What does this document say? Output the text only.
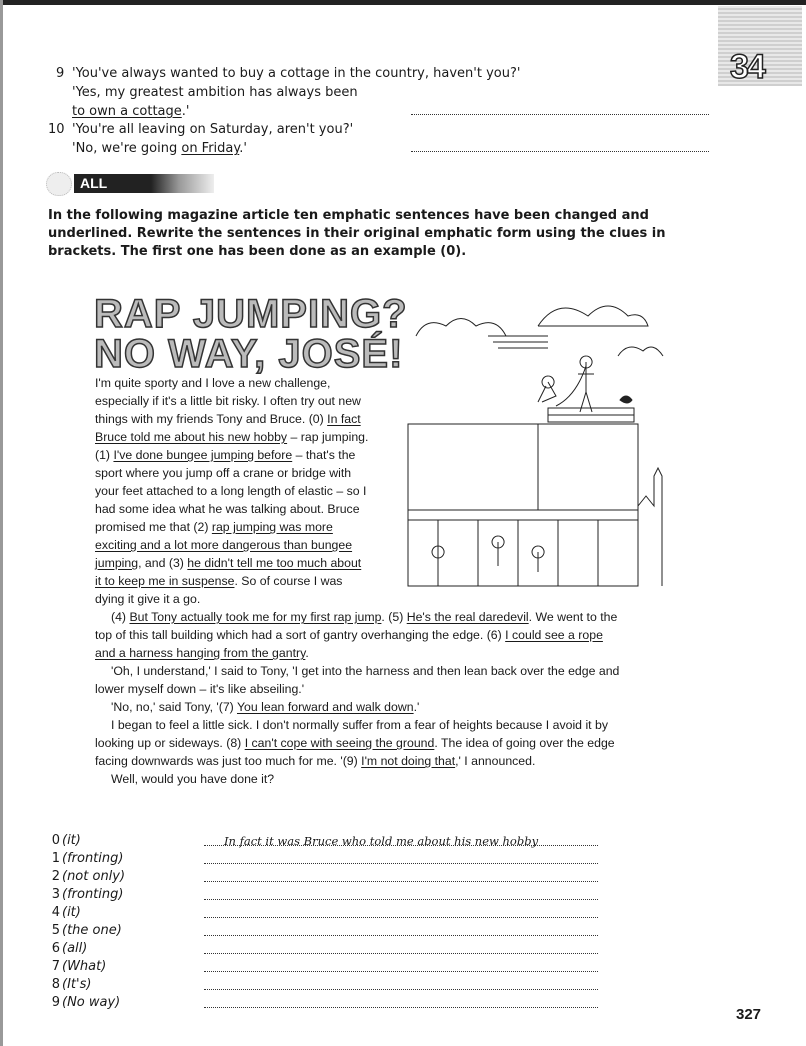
34
9 'You've always wanted to buy a cottage in the country, haven't you?'
'Yes, my greatest ambition has always been
to own a cottage.'
10 'You're all leaving on Saturday, aren't you?'
'No, we're going on Friday.'
ALL
In the following magazine article ten emphatic sentences have been changed and underlined. Rewrite the sentences in their original emphatic form using the clues in brackets. The first one has been done as an example (0).
RAP JUMPING?
NO WAY, JOSÉ!
I'm quite sporty and I love a new challenge,
especially if it's a little bit risky. I often try out new
things with my friends Tony and Bruce. (0) In fact
Bruce told me about his new hobby – rap jumping.
(1) I've done bungee jumping before – that's the
sport where you jump off a crane or bridge with
your feet attached to a long length of elastic – so I
had some idea what he was talking about. Bruce
promised me that (2) rap jumping was more
exciting and a lot more dangerous than bungee
jumping, and (3) he didn't tell me too much about
it to keep me in suspense. So of course I was
dying it give it a go.
(4) But Tony actually took me for my first rap jump. (5) He's the real daredevil. We went to the
top of this tall building which had a sort of gantry overhanging the edge. (6) I could see a rope
and a harness hanging from the gantry.
'Oh, I understand,' I said to Tony, 'I get into the harness and then lean back over the edge and
lower myself down – it's like abseiling.'
'No, no,' said Tony, '(7) You lean forward and walk down.'
I began to feel a little sick. I don't normally suffer from a fear of heights because I avoid it by
looking up or sideways. (8) I can't cope with seeing the ground. The idea of going over the edge
facing downwards was just too much for me. '(9) I'm not doing that,' I announced.
Well, would you have done it?
0 (it)	In fact it was Bruce who told me about his new hobby
1 (fronting)
2 (not only)
3 (fronting)
4 (it)
5 (the one)
6 (all)
7 (What)
8 (It's)
9 (No way)
327
